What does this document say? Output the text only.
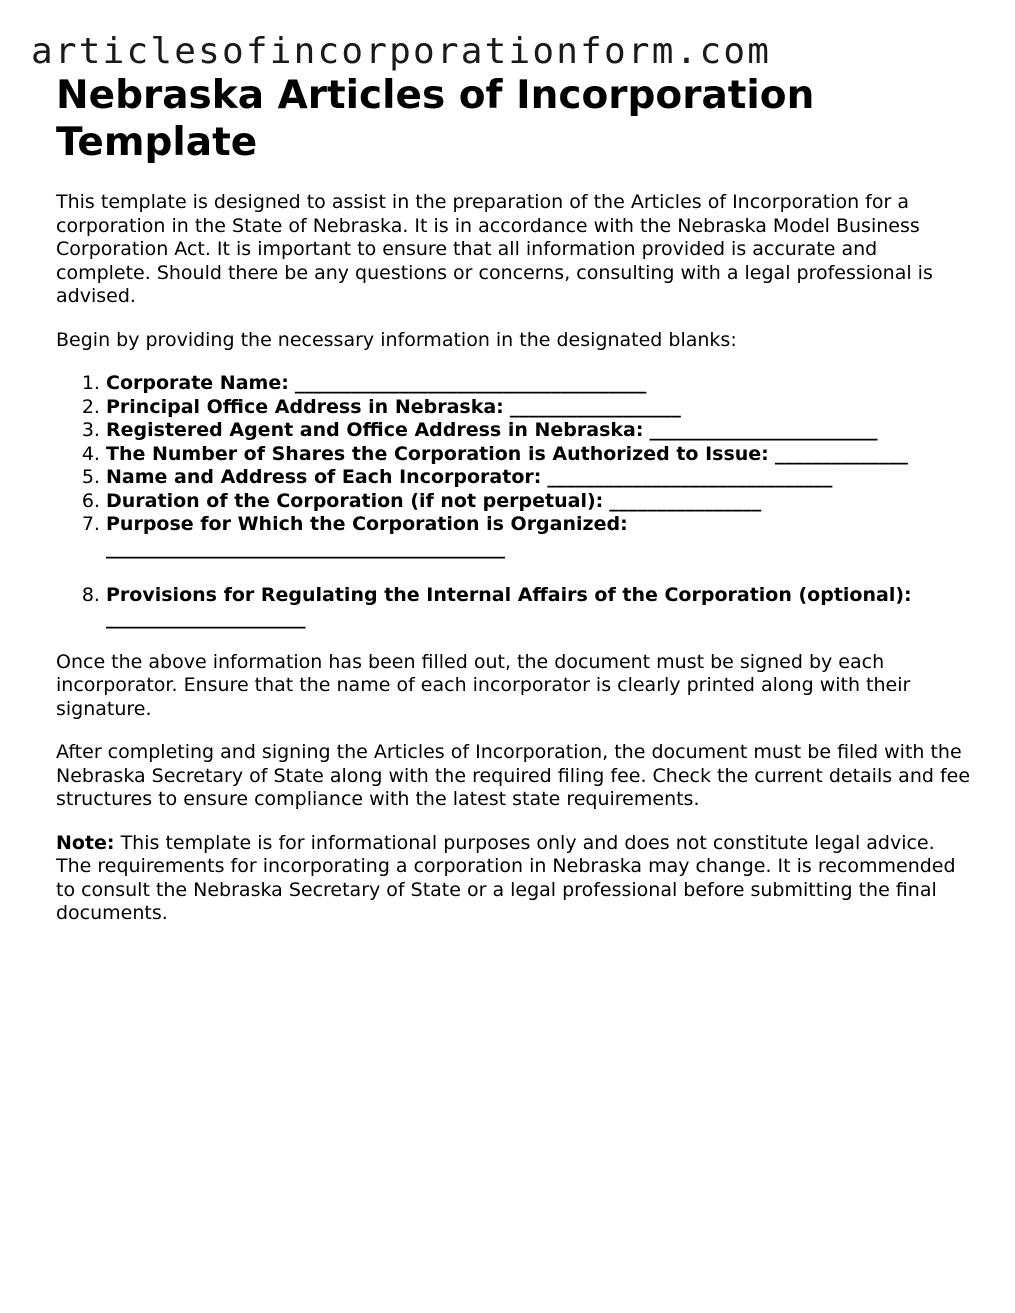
articlesofincorporationform.com
Nebraska Articles of Incorporation Template

This template is designed to assist in the preparation of the Articles of Incorporation for a corporation in the State of Nebraska. It is in accordance with the Nebraska Model Business Corporation Act. It is important to ensure that all information provided is accurate and complete. Should there be any questions or concerns, consulting with a legal professional is advised.

Begin by providing the necessary information in the designated blanks:

1. Corporate Name: _____________________________________
2. Principal Office Address in Nebraska: __________________
3. Registered Agent and Office Address in Nebraska: ________________________
4. The Number of Shares the Corporation is Authorized to Issue: ______________
5. Name and Address of Each Incorporator: ______________________________
6. Duration of the Corporation (if not perpetual): ________________
7. Purpose for Which the Corporation is Organized:
__________________________________________
8. Provisions for Regulating the Internal Affairs of the Corporation (optional):
_____________________

Once the above information has been filled out, the document must be signed by each incorporator. Ensure that the name of each incorporator is clearly printed along with their signature.

After completing and signing the Articles of Incorporation, the document must be filed with the Nebraska Secretary of State along with the required filing fee. Check the current details and fee structures to ensure compliance with the latest state requirements.

Note: This template is for informational purposes only and does not constitute legal advice. The requirements for incorporating a corporation in Nebraska may change. It is recommended to consult the Nebraska Secretary of State or a legal professional before submitting the final documents.
